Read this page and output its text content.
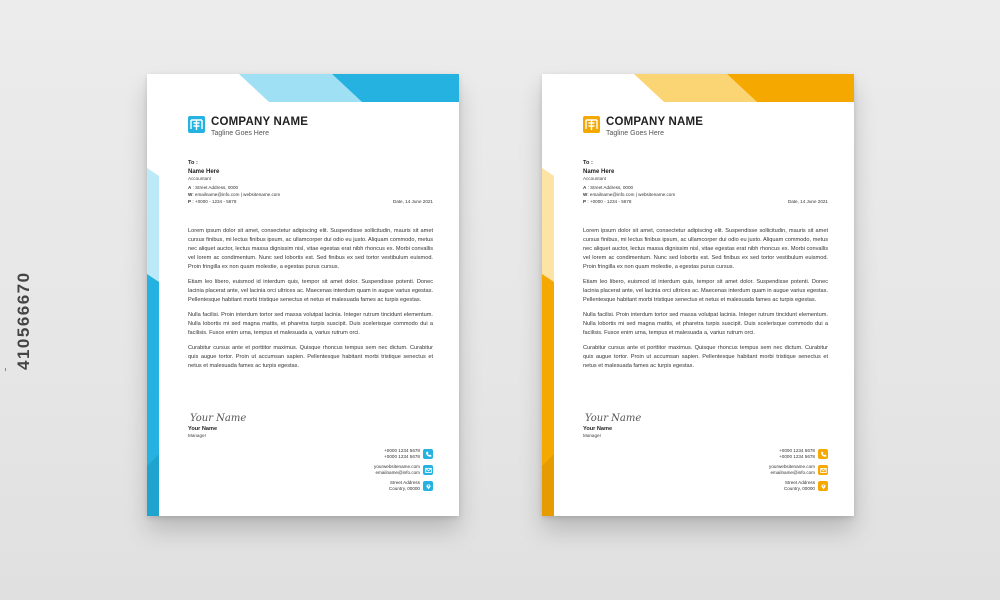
410566670
COMPANY NAME
Tagline Goes Here
To :
Name Here
Accountant
A : Street Address, 0000
W: emailname@info.com | websitename.com
P : +0000 - 1234 - 5678	Date, 14 June 2021

Lorem ipsum dolor sit amet, consectetur adipiscing elit. Suspendisse sollicitudin, mauris sit amet cursus finibus, mi lectus finibus ipsum, ac ullamcorper dui odio eu justo. Aliquam commodo, metus nec aliquet auctor, lectus massa dignissim nisl, vitae egestas erat nibh rhoncus ex. Morbi convallis vel lorem ac condimentum. Nunc sed lobortis est. Sed finibus ex sed tortor vestibulum euismod. Proin fringilla ex non quam molestie, a egestas purus cursus.

Etiam leo libero, euismod id interdum quis, tempor sit amet dolor. Suspendisse potenti. Donec lacinia placerat ante, vel lacinia orci ultrices ac. Maecenas interdum quam in augue varius egestas. Pellentesque habitant morbi tristique senectus et netus et malesuada fames ac turpis egestas.

Nulla facilisi. Proin interdum tortor sed massa volutpat lacinia. Integer rutrum tincidunt elementum. Nulla lobortis mi sed magna mattis, et pharetra turpis suscipit. Duis scelerisque commodo dui a facilisis. Fusce enim urna, tempus et malesuada a, varius rutrum orci.

Curabitur cursus ante et porttitor maximus. Quisque rhoncus tempus sem nec dictum. Curabitur quis augue tortor. Proin ut accumsan sapien. Pellentesque habitant morbi tristique senectus et netus et malesuada fames ac turpis egestas.

Your Name
Your Name
Manager
+0000 1234 5678
+0000 1234 5678
yourwebsitename.com
emailname@info.com
Street Address
Country, 00000
COMPANY NAME
Tagline Goes Here
To :
Name Here
Accountant
A : Street Address, 0000
W: emailname@info.com | websitename.com
P : +0000 - 1234 - 5678	Date, 14 June 2021

Lorem ipsum dolor sit amet, consectetur adipiscing elit. Suspendisse sollicitudin, mauris sit amet cursus finibus, mi lectus finibus ipsum, ac ullamcorper dui odio eu justo. Aliquam commodo, metus nec aliquet auctor, lectus massa dignissim nisl, vitae egestas erat nibh rhoncus ex. Morbi convallis vel lorem ac condimentum. Nunc sed lobortis est. Sed finibus ex sed tortor vestibulum euismod. Proin fringilla ex non quam molestie, a egestas purus cursus.

Etiam leo libero, euismod id interdum quis, tempor sit amet dolor. Suspendisse potenti. Donec lacinia placerat ante, vel lacinia orci ultrices ac. Maecenas interdum quam in augue varius egestas. Pellentesque habitant morbi tristique senectus et netus et malesuada fames ac turpis egestas.

Nulla facilisi. Proin interdum tortor sed massa volutpat lacinia. Integer rutrum tincidunt elementum. Nulla lobortis mi sed magna mattis, et pharetra turpis suscipit. Duis scelerisque commodo dui a facilisis. Fusce enim urna, tempus et malesuada a, varius rutrum orci.

Curabitur cursus ante et porttitor maximus. Quisque rhoncus tempus sem nec dictum. Curabitur quis augue tortor. Proin ut accumsan sapien. Pellentesque habitant morbi tristique senectus et netus et malesuada fames ac turpis egestas.

Your Name
Your Name
Manager
+0000 1234 5678
+0000 1234 5678
yourwebsitename.com
emailname@info.com
Street Address
Country, 00000
